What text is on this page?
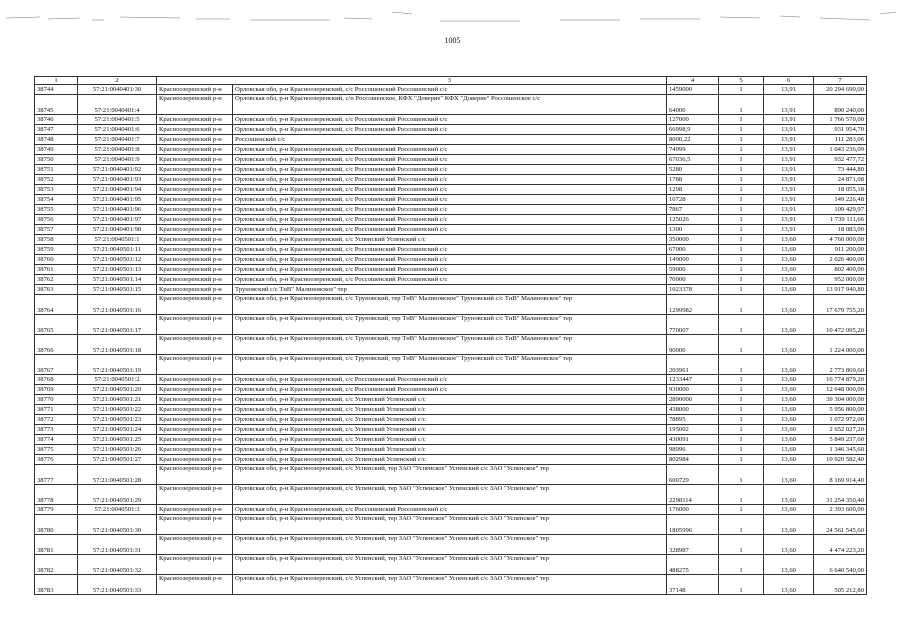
1005
1	2		3	4	5	6	7
38744	57:21:0040401:30	Красноозеренский р-н	Орловская обл, р-н Красноозеренский, с/с Россошенский Россошенский с/с	1459000	1	13,91	20 294 690,00
38745	57:21:0040401:4	Красноозеренский р-н	Орловская обл, р-н Красноозеренский, с/п Россошенское, КФХ "Доверие" КФХ "Доверие" Россошенское с/с	64000	1	13,91	890 240,00
38746	57:21:0040401:5	Красноозеренский р-н	Орловская обл, р-н Красноозеренский, с/с Россошенский Россошенский с/с	127000	1	13,91	1 766 570,00
38747	57:21:0040401:6	Красноозеренский р-н	Орловская обл, р-н Красноозеренский, с/с Россошенский Россошенский с/с	66998,9	1	13,91	931 954,70
38748	57:21:0040401:7	Красноозеренский р-н	Россошенский с/с	8000,22	1	13,91	111 283,06
38749	57:21:0040401:8	Красноозеренский р-н	Орловская обл, р-н Красноозеренский, с/с Россошенский Россошенский с/с	74999	1	13,91	1 043 236,09
38750	57:21:0040401:9	Красноозеренский р-н	Орловская обл, р-н Красноозеренский, с/с Россошенский Россошенский с/с	67036,5	1	13,91	932 477,72
38751	57:21:0040401:92	Красноозеренский р-н	Орловская обл, р-н Красноозеренский, с/с Россошенский Россошенский с/с	5280	1	13,91	73 444,80
38752	57:21:0040401:93	Красноозеренский р-н	Орловская обл, р-н Красноозеренский, с/с Россошенский Россошенский с/с	1788	1	13,91	24 871,08
38753	57:21:0040401:94	Красноозеренский р-н	Орловская обл, р-н Красноозеренский, с/с Россошенский Россошенский с/с	1298	1	13,91	18 055,18
38754	57:21:0040401:95	Красноозеренский р-н	Орловская обл, р-н Красноозеренский, с/с Россошенский Россошенский с/с	10728	1	13,91	149 226,48
38755	57:21:0040401:96	Красноозеренский р-н	Орловская обл, р-н Красноозеренский, с/с Россошенский Россошенский с/с	7867	1	13,91	109 429,97
38756	57:21:0040401:97	Красноозеренский р-н	Орловская обл, р-н Красноозеренский, с/с Россошенский Россошенский с/с	125026	1	13,91	1 739 111,66
38757	57:21:0040401:98	Красноозеренский р-н	Орловская обл, р-н Красноозеренский, с/с Россошенский Россошенский с/с	1300	1	13,91	18 083,00
38758	57:21:0040501:1	Красноозеренский р-н	Орловская обл, р-н Красноозеренский, с/с Успенский Успенский с/с	350000	1	13,60	4 760 000,00
38759	57:21:0040501:11	Красноозеренский р-н	Орловская обл, р-н Красноозеренский, с/с Россошенский Россошенский с/с	67000	1	13,60	911 200,00
38760	57:21:0040501:12	Красноозеренский р-н	Орловская обл, р-н Красноозеренский, с/с Россошенский Россошенский с/с	149000	1	13,60	2 026 400,00
38761	57:21:0040501:13	Красноозеренский р-н	Орловская обл, р-н Красноозеренский, с/с Россошенский Россошенский с/с	59000	1	13,60	802 400,00
38762	57:21:0040501:14	Красноозеренский р-н	Орловская обл, р-н Красноозеренский, с/с Россошенский Россошенский с/с	70000	1	13,60	952 000,00
38763	57:21:0040501:15	Красноозеренский р-н	Труновский с/с ТнВ" Малиновское" тер	1023378	1	13,60	13 917 940,80
38764	57:21:0040501:16	Красноозеренский р-н	Орловская обл, р-н Красноозеренский, с/с Труновский, тер ТнВ" Малиновское" Труновский с/с ТнВ" Малиновское" тер	1299982	1	13,60	17 679 755,20
38765	57:21:0040501:17	Красноозеренский р-н	Орловская обл, р-н Красноозеренский, с/с Труновский, тер ТнВ" Малиновское" Труновский с/с ТнВ" Малиновское" тер	770007	1	13,60	10 472 095,20
38766	57:21:0040501:18	Красноозеренский р-н	Орловская обл, р-н Красноозеренский, с/с Труновский, тер ТнВ" Малиновское" Труновский с/с ТнВ" Малиновское" тер	90000	1	13,60	1 224 000,00
38767	57:21:0040501:19	Красноозеренский р-н	Орловская обл, р-н Красноозеренский, с/с Труновский, тер ТнВ" Малиновское" Труновский с/с ТнВ" Малиновское" тер	203961	1	13,60	2 773 869,60
38768	57:21:0040501:2	Красноозеренский р-н	Орловская обл, р-н Красноозеренский, с/с Россошенский Россошенский с/с	1233447	1	13,60	16 774 879,20
38769	57:21:0040501:20	Красноозеренский р-н	Орловская обл, р-н Красноозеренский, с/с Россошенский Россошенский с/с	930000	1	13,60	12 648 000,00
38770	57:21:0040501:21	Красноозеренский р-н	Орловская обл, р-н Красноозеренский, с/с Успенский Успенский с/с	2890000	1	13,60	39 304 000,00
38771	57:21:0040501:22	Красноозеренский р-н	Орловская обл, р-н Красноозеренский, с/с Успенский Успенский с/с	438000	1	13,60	5 956 800,00
38772	57:21:0040501:23	Красноозеренский р-н	Орловская обл, р-н Красноозеренский, с/с Успенский Успенский с/с	78895	1	13,60	1 072 972,00
38773	57:21:0040501:24	Красноозеренский р-н	Орловская обл, р-н Красноозеренский, с/с Успенский Успенский с/с	195002	1	13,60	2 652 027,20
38774	57:21:0040501:25	Красноозеренский р-н	Орловская обл, р-н Красноозеренский, с/с Успенский Успенский с/с	430091	1	13,60	5 849 237,60
38775	57:21:0040501:26	Красноозеренский р-н	Орловская обл, р-н Красноозеренский, с/с Успенский Успенский с/с	98996	1	13,60	1 346 345,60
38776	57:21:0040501:27	Красноозеренский р-н	Орловская обл, р-н Красноозеренский, с/с Успенский Успенский с/с	802984	1	13,60	10 920 582,40
38777	57:21:0040501:28	Красноозеренский р-н	Орловская обл, р-н Красноозеренский, с/с Успенский, тер ЗАО "Успенское" Успенский с/с ЗАО "Успенское" тер	600729	1	13,60	8 169 914,40
38778	57:21:0040501:29	Красноозеренский р-н	Орловская обл, р-н Красноозеренский, с/с Успенский, тер ЗАО "Успенское" Успенский с/с ЗАО "Успенское" тер	2298114	1	13,60	31 254 350,40
38779	57:21:0040501:3	Красноозеренский р-н	Орловская обл, р-н Красноозеренский, с/с Россошенский Россошенский с/с	176000	1	13,60	2 393 600,00
38780	57:21:0040501:30	Красноозеренский р-н	Орловская обл, р-н Красноозеренский, с/с Успенский, тер ЗАО "Успенское" Успенский с/с ЗАО "Успенское" тер	1805996	1	13,60	24 561 545,60
38781	57:21:0040501:31	Красноозеренский р-н	Орловская обл, р-н Красноозеренский, с/с Успенский, тер ЗАО "Успенское" Успенский с/с ЗАО "Успенское" тер	328987	1	13,60	4 474 223,20
38782	57:21:0040501:32	Красноозеренский р-н	Орловская обл, р-н Красноозеренский, с/с Успенский, тер ЗАО "Успенское" Успенский с/с ЗАО "Успенское" тер	488275	1	13,60	6 640 540,00
38783	57:21:0040501:33	Красноозеренский р-н	Орловская обл, р-н Красноозеренский, с/с Успенский, тер ЗАО "Успенское" Успенский с/с ЗАО "Успенское" тер	37148	1	13,60	505 212,80
